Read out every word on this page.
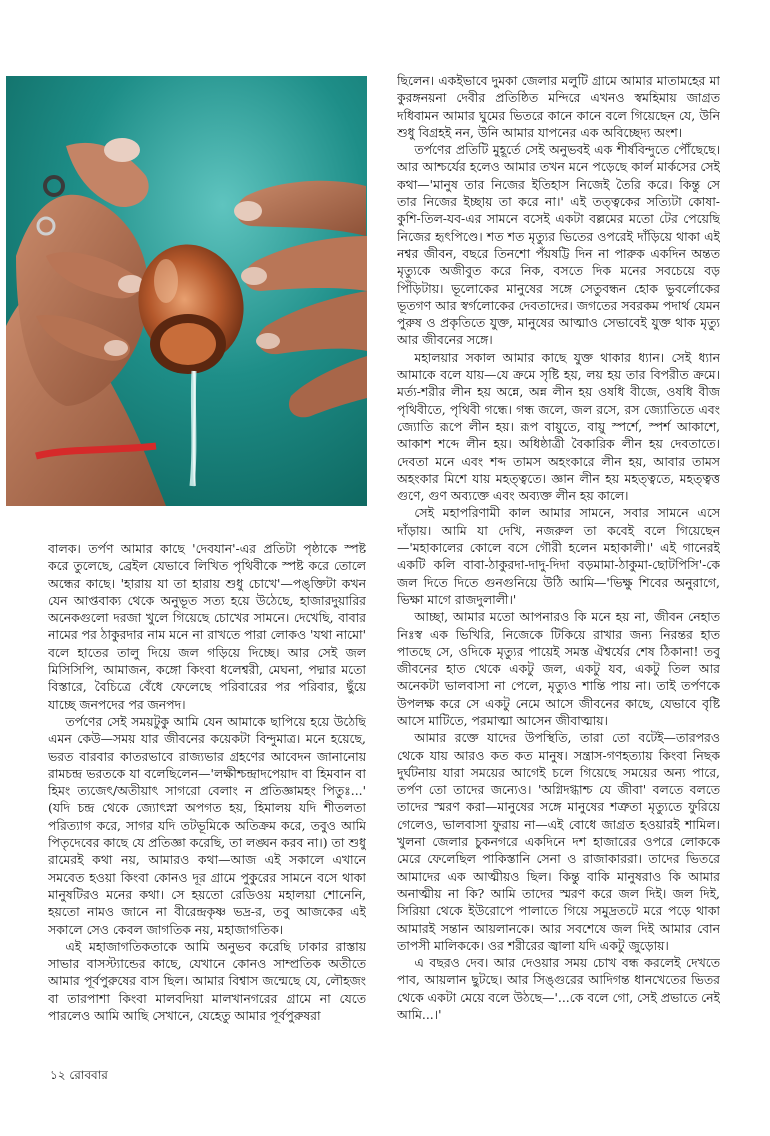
বালক। তর্পণ আমার কাছে 'দেবযান'-এর প্রতিটা পৃষ্ঠাকে স্পষ্ট করে তুলেছে, ব্রেইল যেভাবে লিখিত পৃথিবীকে স্পষ্ট করে তোলে অন্ধের কাছে। 'হারায় যা তা হারায় শুধু চোখে'—পঙ্‌ক্তিটা কখন যেন আপ্তবাক্য থেকে অনুভূত সত্য হয়ে উঠেছে, হাজারদুয়ারির অনেকগুলো দরজা খুলে গিয়েছে চোখের সামনে। দেখেছি, বাবার নামের পর ঠাকুরদার নাম মনে না রাখতে পারা লোকও 'যথা নামো' বলে হাতের তালু দিয়ে জল গড়িয়ে দিচ্ছে। আর সেই জল মিসিসিপি, আমাজন, কঙ্গো কিংবা ধলেশ্বরী, মেঘনা, পদ্মার মতো বিস্তারে, বৈচিত্রে বেঁধে ফেলেছে পরিবারের পর পরিবার, ছুঁয়ে যাচ্ছে জনপদের পর জনপদ।

তর্পণের সেই সময়টুকু আমি যেন আমাকে ছাপিয়ে হয়ে উঠেছি এমন কেউ—সময় যার জীবনের কয়েকটা বিন্দুমাত্র। মনে হয়েছে, ভরত বারবার কাতরভাবে রাজ্যভার গ্রহণের আবেদন জানানোয় রামচন্দ্র ভরতকে যা বলেছিলেন—'লক্ষীশ্চন্দ্রাদপেয়াদ বা হিমবান বা হিমং ত্যজেৎ/অতীয়াৎ সাগরো বেলাং ন প্রতিজ্ঞামহং পিতুঃ...' (যদি চন্দ্র থেকে জ্যোৎস্না অপগত হয়, হিমালয় যদি শীতলতা পরিত্যাগ করে, সাগর যদি তটভূমিকে অতিক্রম করে, তবুও আমি পিতৃদেবের কাছে যে প্রতিজ্ঞা করেছি, তা লঙ্ঘন করব না।) তা শুধু রামেরই কথা নয়, আমারও কথা—আজ এই সকালে এখানে সমবেত হওয়া কিংবা কোনও দূর গ্রামে পুকুরের সামনে বসে থাকা মানুষটিরও মনের কথা। সে হয়তো রেডিওয় মহালয়া শোনেনি, হয়তো নামও জানে না বীরেন্দ্রকৃষ্ণ ভদ্র-র, তবু আজকের এই সকালে সেও কেবল জাগতিক নয়, মহাজাগতিক।

এই মহাজাগতিকতাকে আমি অনুভব করেছি ঢাকার রাস্তায় সাভার বাসস্ট্যান্ডের কাছে, যেখানে কোনও সাম্প্রতিক অতীতে আমার পূর্বপুরুষের বাস ছিল। আমার বিশ্বাস জন্মেছে যে, লৌহজং বা তারপাশা কিংবা মালবদিয়া মালখানগরের গ্রামে না যেতে পারলেও আমি আছি সেখানে, যেহেতু আমার পূর্বপুরুষরা

ছিলেন। একইভাবে দুমকা জেলার মলুটি গ্রামে আমার মাতামহের মা কুরঙ্গনয়না দেবীর প্রতিষ্ঠিত মন্দিরে এখনও স্বমহিমায় জাগ্রত দধিবামন আমার ঘুমের ভিতরে কানে কানে বলে গিয়েছেন যে, উনি শুধু বিগ্রহই নন, উনি আমার যাপনের এক অবিচ্ছেদ্য অংশ।

তর্পণের প্রতিটি মুহূর্তে সেই অনুভবই এক শীর্ষবিন্দুতে পৌঁছেছে। আর আশ্চর্যের হলেও আমার তখন মনে পড়েছে কার্ল মার্কসের সেই কথা—'মানুষ তার নিজের ইতিহাস নিজেই তৈরি করে। কিন্তু সে তার নিজের ইচ্ছায় তা করে না।' এই তত্ত্বকের সত্যিটা কোষা-কুশি-তিল-যব-এর সামনে বসেই একটা বল্লমের মতো টের পেয়েছি নিজের হৃৎপিণ্ডে। শত শত মৃত্যুর ভিতের ওপরেই দাঁড়িয়ে থাকা এই নশ্বর জীবন, বছরে তিনশো পঁয়ষট্টি দিন না পারুক একদিন অন্তত মৃত্যুকে অজীবুত করে নিক, বসতে দিক মনের সবচেয়ে বড় পিঁড়িটায়। ভূলোকের মানুষের সঙ্গে সেতুবন্ধন হোক ভুবর্লোকের ভূতগণ আর স্বর্গলোকের দেবতাদের। জগতের সবরকম পদার্থ যেমন পুরুষ ও প্রকৃতিতে যুক্ত, মানুষের আত্মাও সেভাবেই যুক্ত থাক মৃত্যু আর জীবনের সঙ্গে।

মহালয়ার সকাল আমার কাছে যুক্ত থাকার ধ্যান। সেই ধ্যান আমাকে বলে যায়—যে ক্রমে সৃষ্টি হয়, লয় হয় তার বিপরীত ক্রমে। মর্ত্য-শরীর লীন হয় অন্নে, অন্ন লীন হয় ওষধি বীজে, ওষধি বীজ পৃথিবীতে, পৃথিবী গন্ধে। গন্ধ জলে, জল রসে, রস জ্যোতিতে এবং জ্যোতি রূপে লীন হয়। রূপ বায়ুতে, বায়ু স্পর্শে, স্পর্শ আকাশে, আকাশ শব্দে লীন হয়। অধিষ্ঠাত্রী বৈকারিক লীন হয় দেবতাতে। দেবতা মনে এবং শব্দ তামস অহংকারে লীন হয়, আবার তামস অহংকার মিশে যায় মহত্ত্বতে। জ্ঞান লীন হয় মহত্ত্বতে, মহত্ত্বত্ত গুণে, গুণ অব্যক্তে এবং অব্যক্ত লীন হয় কালে।

সেই মহাপরিণামী কাল আমার সামনে, সবার সামনে এসে দাঁড়ায়। আমি যা দেখি, নজরুল তা কবেই বলে গিয়েছেন—'মহাকালের কোলে বসে গৌরী হলেন মহাকালী।' এই গানেরই একটি কলি বাবা-ঠাকুরদা-দাদু-দিদা বড়মামা-ঠাকুমা-ছোটপিসি'-কে জল দিতে দিতে গুনগুনিয়ে উঠি আমি—'ভিক্ষু শিবের অনুরাগে, ভিক্ষা মাগে রাজদুলালী।'

আচ্ছা, আমার মতো আপনারও কি মনে হয় না, জীবন নেহাত নিঃস্ব এক ভিখিরি, নিজেকে টিকিয়ে রাখার জন্য নিরন্তর হাত পাতছে সে, ওদিকে মৃত্যুর পায়েই সমস্ত ঐশ্বর্যের শেষ ঠিকানা! তবু জীবনের হাত থেকে একটু জল, একটু যব, একটু তিল আর অনেকটা ভালবাসা না পেলে, মৃত্যুও শান্তি পায় না। তাই তর্পণকে উপলক্ষ করে সে একটু নেমে আসে জীবনের কাছে, যেভাবে বৃষ্টি আসে মাটিতে, পরমাত্মা আসেন জীবাত্মায়।

আমার রক্তে যাদের উপস্থিতি, তারা তো বটেই—তারপরও থেকে যায় আরও কত কত মানুষ। সন্ত্রাস-গণহত্যায় কিংবা নিছক দুর্ঘটনায় যারা সময়ের আগেই চলে গিয়েছে সময়ের অন্য পারে, তর্পণ তো তাদের জন্যেও। 'অগ্নিদগ্ধাশ্চ যে জীবা' বলতে বলতে তাদের স্মরণ করা—মানুষের সঙ্গে মানুষের শত্রুতা মৃত্যুতে ফুরিয়ে গেলেও, ভালবাসা ফুরায় না—এই বোধে জাগ্রত হওয়ারই শামিল। খুলনা জেলার চুকনগরে একদিনে দশ হাজারের ওপরে লোককে মেরে ফেলেছিল পাকিস্তানি সেনা ও রাজাকাররা। তাদের ভিতরে আমাদের এক আত্মীয়ও ছিল। কিন্তু বাকি মানুষরাও কি আমার অনাত্মীয় না কি? আমি তাদের স্মরণ করে জল দিই। জল দিই, সিরিয়া থেকে ইউরোপে পালাতে গিয়ে সমুদ্রতটে মরে পড়ে থাকা আমারই সন্তান আয়লানকে। আর সবশেষে জল দিই আমার বোন তাপসী মালিককে। ওর শরীরের জ্বালা যদি একটু জুড়োয়।

এ বছরও দেব। আর দেওয়ার সময় চোখ বন্ধ করলেই দেখতে পাব, আয়লান ছুটছে। আর সিঙ্গুরের আদিগন্ত ধানখেতের ভিতর থেকে একটা মেয়ে বলে উঠছে—'...কে বলে গো, সেই প্রভাতে নেই আমি...।'

১২ রোববার
